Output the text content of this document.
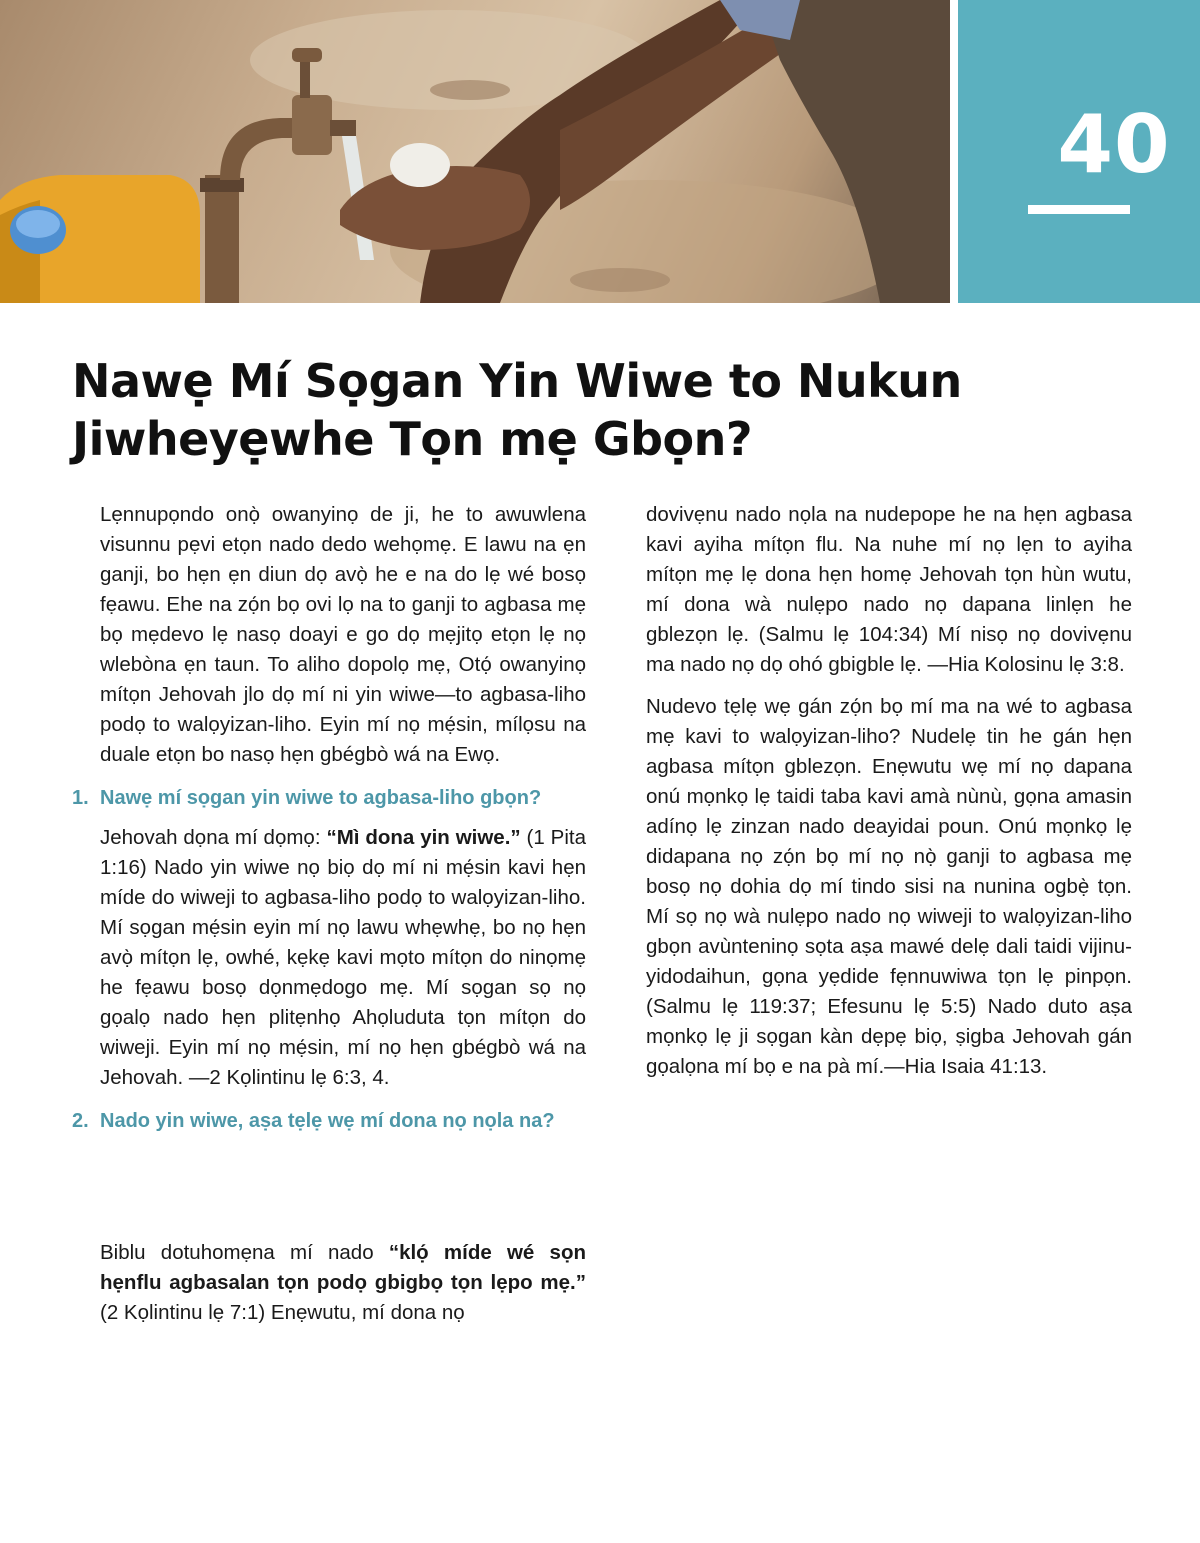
40
Nawẹ Mí Sọgan Yin Wiwe to Nukun Jiwheyẹwhe Tọn mẹ Gbọn?

Lẹnnupọndo onọ̀ owanyinọ de ji, he to awuwlena visunnu pẹvi etọn nado dedo wehọmẹ. E lawu na ẹn ganji, bo hẹn ẹn diun dọ avọ̀ he e na do lẹ wé bosọ fẹawu. Ehe na zọ́n bọ ovi lọ na to ganji to agbasa mẹ bọ mẹdevo lẹ nasọ doayi e go dọ mẹjitọ etọn lẹ nọ wlebòna ẹn taun. To aliho dopolọ mẹ, Otọ́ owanyinọ mítọn Jehovah jlo dọ mí ni yin wiwe—to agbasa-liho podọ to walọyizan-liho. Eyin mí nọ mẹ́sin, mílọsu na duale etọn bo nasọ hẹn gbégbò wá na Ewọ.

1. Nawẹ mí sọgan yin wiwe to agbasa-liho gbọn?

Jehovah dọna mí dọmọ: “Mì dona yin wiwe.” (1 Pita 1:16) Nado yin wiwe nọ biọ dọ mí ni mẹ́sin kavi hẹn míde do wiweji to agbasa-liho podọ to walọyizan-liho. Mí sọgan mẹ́sin eyin mí nọ lawu whẹwhẹ, bo nọ hẹn avọ̀ mítọn lẹ, owhé, kẹkẹ kavi mọto mítọn do ninọmẹ he fẹawu bosọ dọnmẹdogo mẹ. Mí sọgan sọ nọ gọalọ nado hẹn plitẹnhọ Ahọluduta tọn mítọn do wiweji. Eyin mí nọ mẹ́sin, mí nọ hẹn gbégbò wá na Jehovah. —2 Kọlintinu lẹ 6:3, 4.

2. Nado yin wiwe, aṣa tẹlẹ wẹ mí dona nọ nọla na?

Biblu dotuhomẹna mí nado “klọ́ míde wé sọn hẹnflu agbasalan tọn podọ gbigbọ tọn lẹpo mẹ.” (2 Kọlintinu lẹ 7:1) Enẹwutu, mí dona nọ

dovivẹnu nado nọla na nudepope he na hẹn agbasa kavi ayiha mítọn flu. Na nuhe mí nọ lẹn to ayiha mítọn mẹ lẹ dona hẹn homẹ Jehovah tọn hùn wutu, mí dona wà nulẹpo nado nọ dapana linlẹn he gblezọn lẹ. (Salmu lẹ 104:34) Mí nisọ nọ dovivẹnu ma nado nọ dọ ohó gbigble lẹ. —Hia Kolosinu lẹ 3:8.

Nudevo tẹlẹ wẹ gán zọ́n bọ mí ma na wé to agbasa mẹ kavi to walọyizan-liho? Nudelẹ tin he gán hẹn agbasa mítọn gblezọn. Enẹwutu wẹ mí nọ dapana onú mọnkọ lẹ taidi taba kavi amà nùnù, gọna amasin adínọ lẹ zinzan nado deayidai poun. Onú mọnkọ lẹ didapana nọ zọ́n bọ mí nọ nọ̀ ganji to agbasa mẹ bosọ nọ dohia dọ mí tindo sisi na nunina ogbẹ̀ tọn. Mí sọ nọ wà nulẹpo nado nọ wiweji to walọyizan-liho gbọn avùnteninọ sọta aṣa mawé delẹ dali taidi vijinu-yidodaihun, gọna yẹdide fẹnnuwiwa tọn lẹ pinpọn. (Salmu lẹ 119:37; Efesunu lẹ 5:5) Nado duto aṣa mọnkọ lẹ ji sọgan kàn dẹpẹ biọ, ṣigba Jehovah gán gọalọna mí bọ e na pà mí.—Hia Isaia 41:13.
